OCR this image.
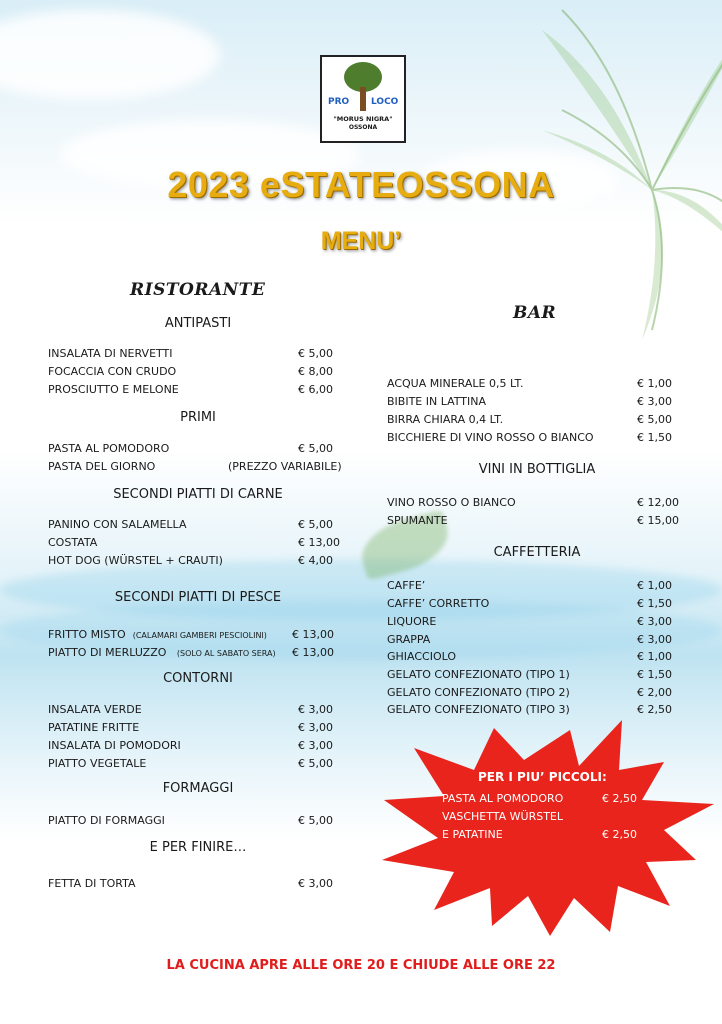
PRO LOCO
"MORUS NIGRA"
OSSONA
2023 eSTATEOSSONA
MENU’
RISTORANTE
ANTIPASTI
INSALATA DI NERVETTI	€ 5,00
FOCACCIA CON CRUDO	€ 8,00
PROSCIUTTO E MELONE	€ 6,00
PRIMI
PASTA AL POMODORO	€ 5,00
PASTA DEL GIORNO	(PREZZO VARIABILE)
SECONDI PIATTI DI CARNE
PANINO CON SALAMELLA	€ 5,00
COSTATA	€ 13,00
HOT DOG (WÜRSTEL + CRAUTI)	€ 4,00
SECONDI PIATTI DI PESCE
FRITTO MISTO (CALAMARI GAMBERI PESCIOLINI) € 13,00
PIATTO DI MERLUZZO (SOLO AL SABATO SERA) € 13,00
CONTORNI
INSALATA VERDE	€ 3,00
PATATINE FRITTE	€ 3,00
INSALATA DI POMODORI	€ 3,00
PIATTO VEGETALE	€ 5,00
FORMAGGI
PIATTO DI FORMAGGI	€ 5,00
E PER FINIRE…
FETTA DI TORTA	€ 3,00
BAR
ACQUA MINERALE 0,5 LT.	€ 1,00
BIBITE IN LATTINA	€ 3,00
BIRRA CHIARA 0,4 LT.	€ 5,00
BICCHIERE DI VINO ROSSO O BIANCO	€ 1,50
VINI IN BOTTIGLIA
VINO ROSSO O BIANCO	€ 12,00
SPUMANTE	€ 15,00
CAFFETTERIA
CAFFE’	€ 1,00
CAFFE’ CORRETTO	€ 1,50
LIQUORE	€ 3,00
GRAPPA	€ 3,00
GHIACCIOLO	€ 1,00
GELATO CONFEZIONATO (TIPO 1)	€ 1,50
GELATO CONFEZIONATO (TIPO 2)	€ 2,00
GELATO CONFEZIONATO (TIPO 3)	€ 2,50
PER I PIU’ PICCOLI:
PASTA AL POMODORO	€ 2,50
VASCHETTA WÜRSTEL
E PATATINE	€ 2,50
LA CUCINA APRE ALLE ORE 20 E CHIUDE ALLE ORE 22
